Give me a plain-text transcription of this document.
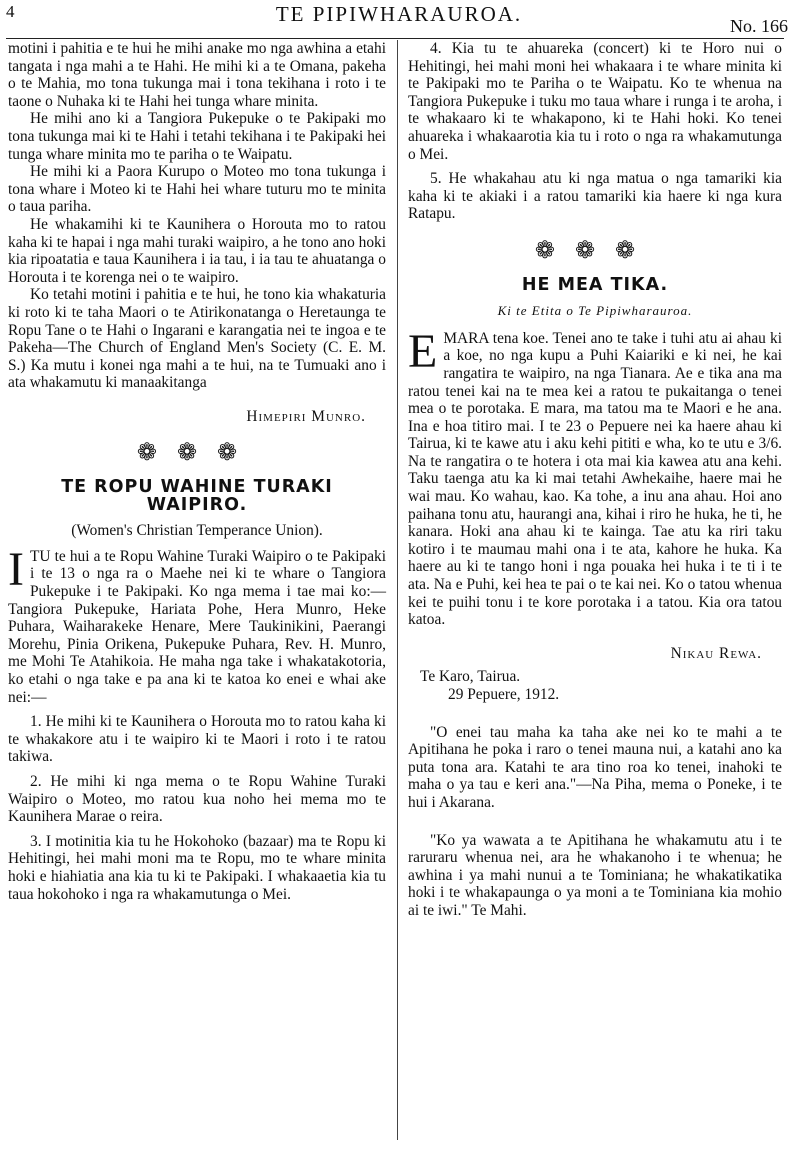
4	TE PIPIWHARAUROA.	No. 166

motini i pahitia e te hui he mihi anake mo nga awhina a etahi tangata i nga mahi a te Hahi. He mihi ki a te Omana, pakeha o te Mahia, mo tona tukunga mai i tona tekihana i roto i te taone o Nuhaka ki te Hahi hei tunga whare minita.

He mihi ano ki a Tangiora Pukepuke o te Pakipaki mo tona tukunga mai ki te Hahi i tetahi tekihana i te Pakipaki hei tunga whare minita mo te pariha o te Waipatu.

He mihi ki a Paora Kurupo o Moteo mo tona tukunga i tona whare i Moteo ki te Hahi hei whare tuturu mo te minita o taua pariha.

He whakamihi ki te Kaunihera o Horouta mo to ratou kaha ki te hapai i nga mahi turaki waipiro, a he tono ano hoki kia ripoatatia e taua Kaunihera i ia tau, i ia tau te ahuatanga o Horouta i te korenga nei o te waipiro.

Ko tetahi motini i pahitia e te hui, he tono kia whakaturia ki roto ki te taha Maori o te Atirikonatanga o Heretaunga te Ropu Tane o te Hahi o Ingarani e karangatia nei te ingoa e te Pakeha—The Church of England Men's Society (C. E. M. S.) Ka mutu i konei nga mahi a te hui, na te Tumuaki ano i ata whakamutu ki manaakitanga

Himepiri Munro.

❁❁❁

TE ROPU WAHINE TURAKI WAIPIRO.

(Women's Christian Temperance Union).

ITU te hui a te Ropu Wahine Turaki Waipiro o te Pakipaki i te 13 o nga ra o Maehe nei ki te whare o Tangiora Pukepuke i te Pakipaki. Ko nga mema i tae mai ko:—Tangiora Pukepuke, Hariata Pohe, Hera Munro, Heke Puhara, Waiharakeke Henare, Mere Taukinikini, Paerangi Morehu, Pinia Orikena, Pukepuke Puhara, Rev. H. Munro, me Mohi Te Atahikoia. He maha nga take i whakatakotoria, ko etahi o nga take e pa ana ki te katoa ko enei e whai ake nei:—

1. He mihi ki te Kaunihera o Horouta mo to ratou kaha ki te whakakore atu i te waipiro ki te Maori i roto i te ratou takiwa.

2. He mihi ki nga mema o te Ropu Wahine Turaki Waipiro o Moteo, mo ratou kua noho hei mema mo te Kaunihera Marae o reira.

3. I motinitia kia tu he Hokohoko (bazaar) ma te Ropu ki Hehitingi, hei mahi moni ma te Ropu, mo te whare minita hoki e hiahiatia ana kia tu ki te Pakipaki. I whakaaetia kia tu taua hokohoko i nga ra whakamutunga o Mei.

4. Kia tu te ahuareka (concert) ki te Horo nui o Hehitingi, hei mahi moni hei whakaara i te whare minita ki te Pakipaki mo te Pariha o te Waipatu. Ko te whenua na Tangiora Pukepuke i tuku mo taua whare i runga i te aroha, i te whakaaro ki te whakapono, ki te Hahi hoki. Ko tenei ahuareka i whakaarotia kia tu i roto o nga ra whakamutunga o Mei.

5. He whakahau atu ki nga matua o nga tamariki kia kaha ki te akiaki i a ratou tamariki kia haere ki nga kura Ratapu.

❁❁❁

HE MEA TIKA.

Ki te Etita o Te Pipiwharauroa.

EMARA tena koe. Tenei ano te take i tuhi atu ai ahau ki a koe, no nga kupu a Puhi Kaiariki e ki nei, he kai rangatira te waipiro, na nga Tianara. Ae e tika ana ma ratou tenei kai na te mea kei a ratou te pukaitanga o tenei mea o te porotaka. E mara, ma tatou ma te Maori e he ana. Ina e hoa titiro mai. I te 23 o Pepuere nei ka haere ahau ki Tairua, ki te kawe atu i aku kehi pititi e wha, ko te utu e 3/6. Na te rangatira o te hotera i ota mai kia kawea atu ana kehi. Taku taenga atu ka ki mai tetahi Awhekaihe, haere mai he wai mau. Ko wahau, kao. Ka tohe, a inu ana ahau. Hoi ano paihana tonu atu, haurangi ana, kihai i riro he huka, he ti, he kanara. Hoki ana ahau ki te kainga. Tae atu ka riri taku kotiro i te maumau mahi ona i te ata, kahore he huka. Ka haere au ki te tango honi i nga pouaka hei huka i te ti i te ata. Na e Puhi, kei hea te pai o te kai nei. Ko o tatou whenua kei te puihi tonu i te kore porotaka i a tatou. Kia ora tatou katoa.

Nikau Rewa.

Te Karo, Tairua.

29 Pepuere, 1912.

"O enei tau maha ka taha ake nei ko te mahi a te Apitihana he poka i raro o tenei mauna nui, a katahi ano ka puta tona ara. Katahi te ara tino roa ko tenei, inahoki te maha o ya tau e keri ana."—Na Piha, mema o Poneke, i te hui i Akarana.

"Ko ya wawata a te Apitihana he whakamutu atu i te raruraru whenua nei, ara he whakanoho i te whenua; he awhina i ya mahi nunui a te Tominiana; he whakatikatika hoki i te whakapaunga o ya moni a te Tominiana kia mohio ai te iwi." Te Mahi.
